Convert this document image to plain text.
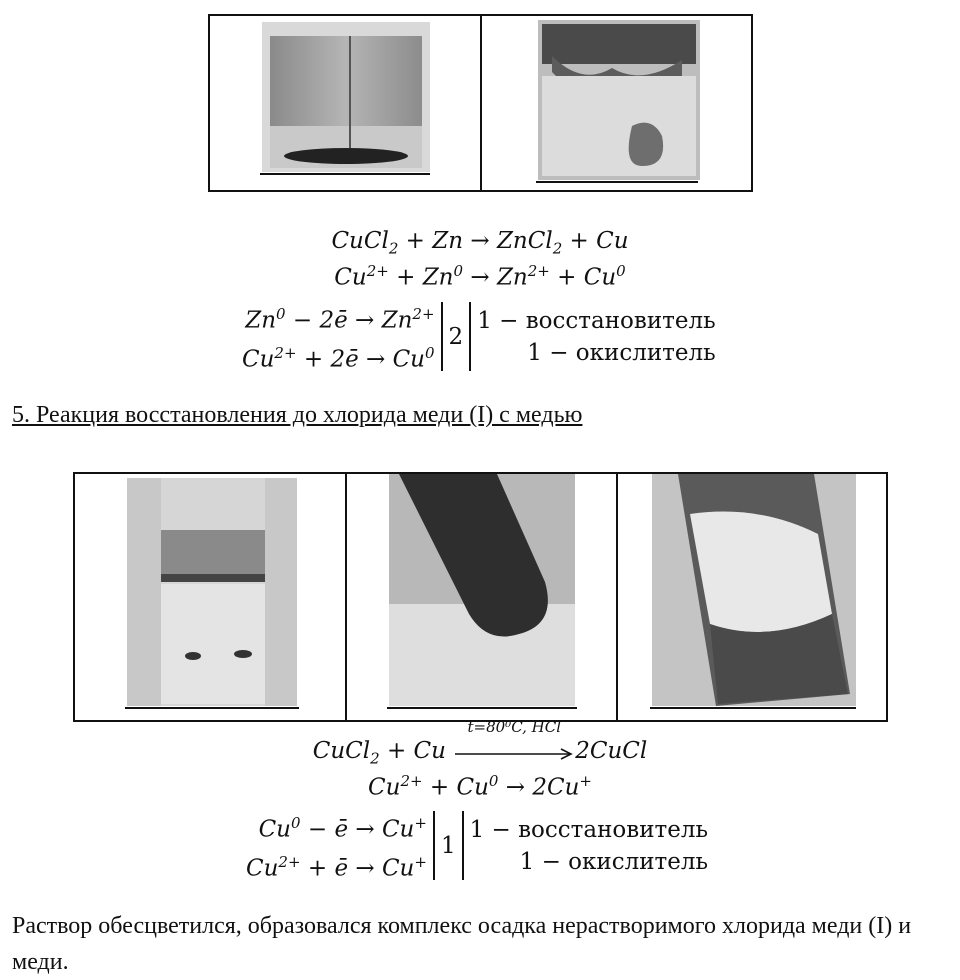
CuCl$_2$ + Zn → ZnCl$_2$ + Cu
$Cu^{2+} + Zn^0 \to Zn^{2+} + Cu^0$
$Zn^0$ − 2ē → $Zn^{2+}$
$Cu^{2+}$ + 2ē → $Cu^0$
2
1 − восстановитель
1 − окислитель
5. Реакция восстановления до хлорида меди (I) с медью
CuCl$_2$ + Cu
t=80⁰C, HCl
2CuCl
$Cu^{2+} + Cu^0 \to 2Cu^+$
$Cu^0$ − ē → Cu+
$Cu^{2+}$ + ē → Cu+
1
1 − восстановитель
1 − окислитель
Раствор обесцветился, образовался комплекс осадка нерастворимого хлорида меди (I) и меди.
